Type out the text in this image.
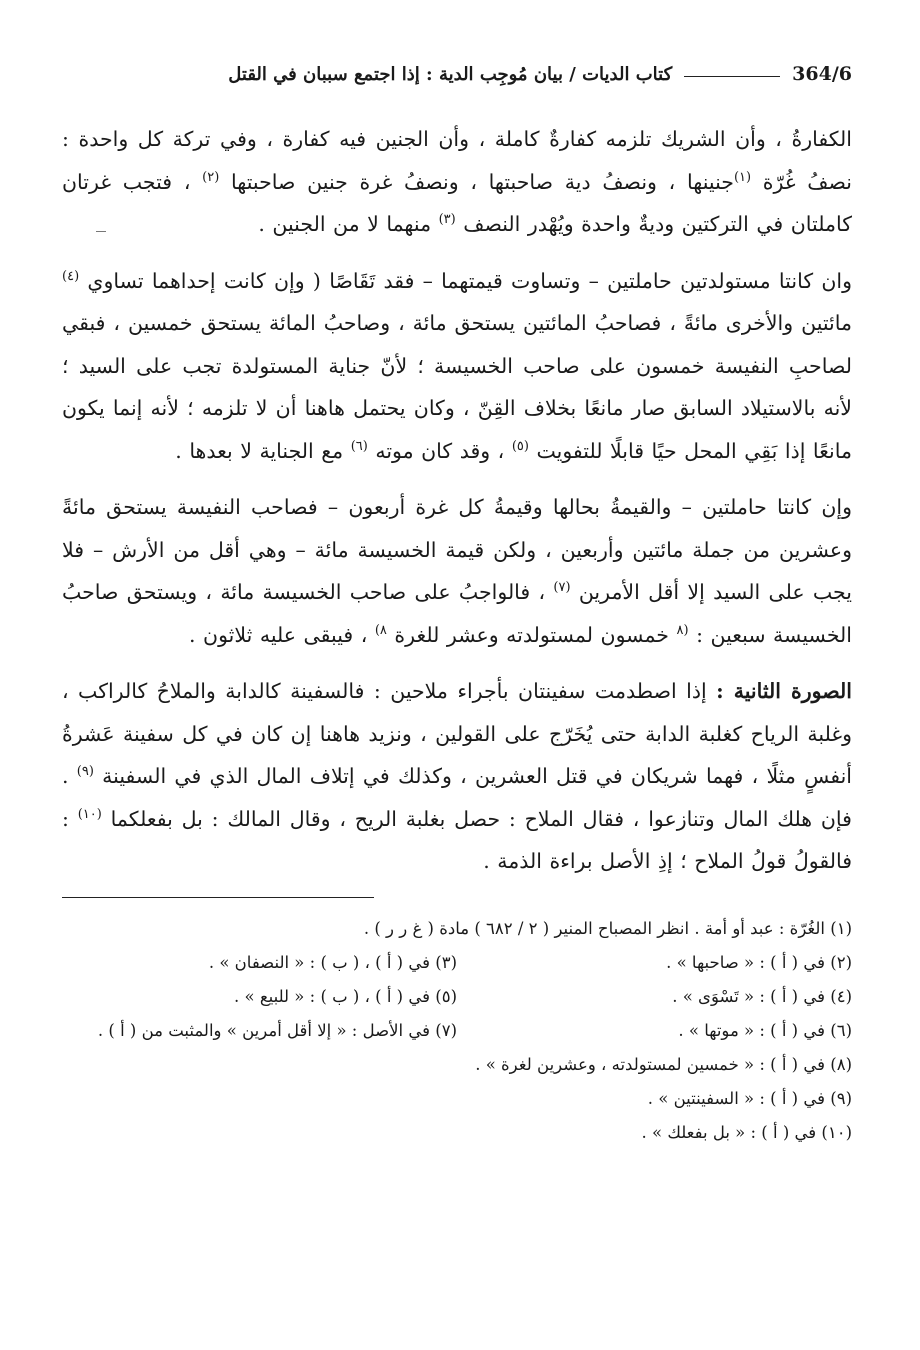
364/6
كتاب الديات / بيان مُوجِب الدية : إذا اجتمع سببان في القتل

الكفارةُ ، وأن الشريك تلزمه كفارةٌ كاملة ، وأن الجنين فيه كفارة ، وفي تركة كل واحدة : نصفُ غُرّة $^{(١)}$جنينها ، ونصفُ دية صاحبتها ، ونصفُ غرة جنين صاحبتها $^{(٢)}$ ، فتجب غرتان كاملتان في التركتين وديةٌ واحدة ويُهْدر النصف $^{(٣)}$ منهما لا من الجنين .

وان كانتا مستولدتين حاملتين – وتساوت قيمتهما – فقد تَقَاصًا ( وإن كانت إحداهما تساوي $^{(٤)}$ مائتين والأخرى مائةً ، فصاحبُ المائتين يستحق مائة ، وصاحبُ المائة يستحق خمسين ، فبقي لصاحبِ النفيسة خمسون على صاحب الخسيسة ؛ لأنّ جناية المستولدة تجب على السيد ؛ لأنه بالاستيلاد السابق صار مانعًا بخلاف القِنّ ، وكان يحتمل هاهنا أن لا تلزمه ؛ لأنه إنما يكون مانعًا إذا بَقِي المحل حيًا قابلًا للتفويت $^{(٥)}$ ، وقد كان موته $^{(٦)}$ مع الجناية لا بعدها .

وإن كانتا حاملتين – والقيمةُ بحالها وقيمةُ كل غرة أربعون – فصاحب النفيسة يستحق مائةً وعشرين من جملة مائتين وأربعين ، ولكن قيمة الخسيسة مائة – وهي أقل من الأرش – فلا يجب على السيد إلا أقل الأمرين $^{(٧)}$ ، فالواجبُ على صاحب الخسيسة مائة ، ويستحق صاحبُ الخسيسة سبعين : $^{(٨}$ خمسون لمستولدته وعشر للغرة $^{٨)}$ ، فيبقى عليه ثلاثون .

الصورة الثانية : إذا اصطدمت سفينتان بأجراء ملاحين : فالسفينة كالدابة والملاحُ كالراكب ، وغلبة الرياح كغلبة الدابة حتى يُخَرّج على القولين ، ونزيد هاهنا إن كان في كل سفينة عَشرةُ أنفسٍ مثلًا ، فهما شريكان في قتل العشرين ، وكذلك في إتلاف المال الذي في السفينة $^{(٩)}$ . فإن هلك المال وتنازعوا ، فقال الملاح : حصل بغلبة الريح ، وقال المالك : بل بفعلكما $^{(١٠)}$ : فالقولُ قولُ الملاح ؛ إذِ الأصل براءة الذمة .

(١) الغُرّة : عبد أو أمة . انظر المصباح المنير ( ٢ / ٦٨٢ ) مادة ( غ ر ر ) .
(٢) في ( أ ) : « صاحبها » .
(٣) في ( أ ) ، ( ب ) : « النصفان » .
(٤) في ( أ ) : « تَسْوَى » .
(٥) في ( أ ) ، ( ب ) : « للبيع » .
(٦) في ( أ ) : « موتها » .
(٧) في الأصل : « إلا أقل أمرين » والمثبت من ( أ ) .
(٨) في ( أ ) : « خمسين لمستولدته ، وعشرين لغرة » .
(٩) في ( أ ) : « السفينتين » .
(١٠) في ( أ ) : « بل بفعلك » .
